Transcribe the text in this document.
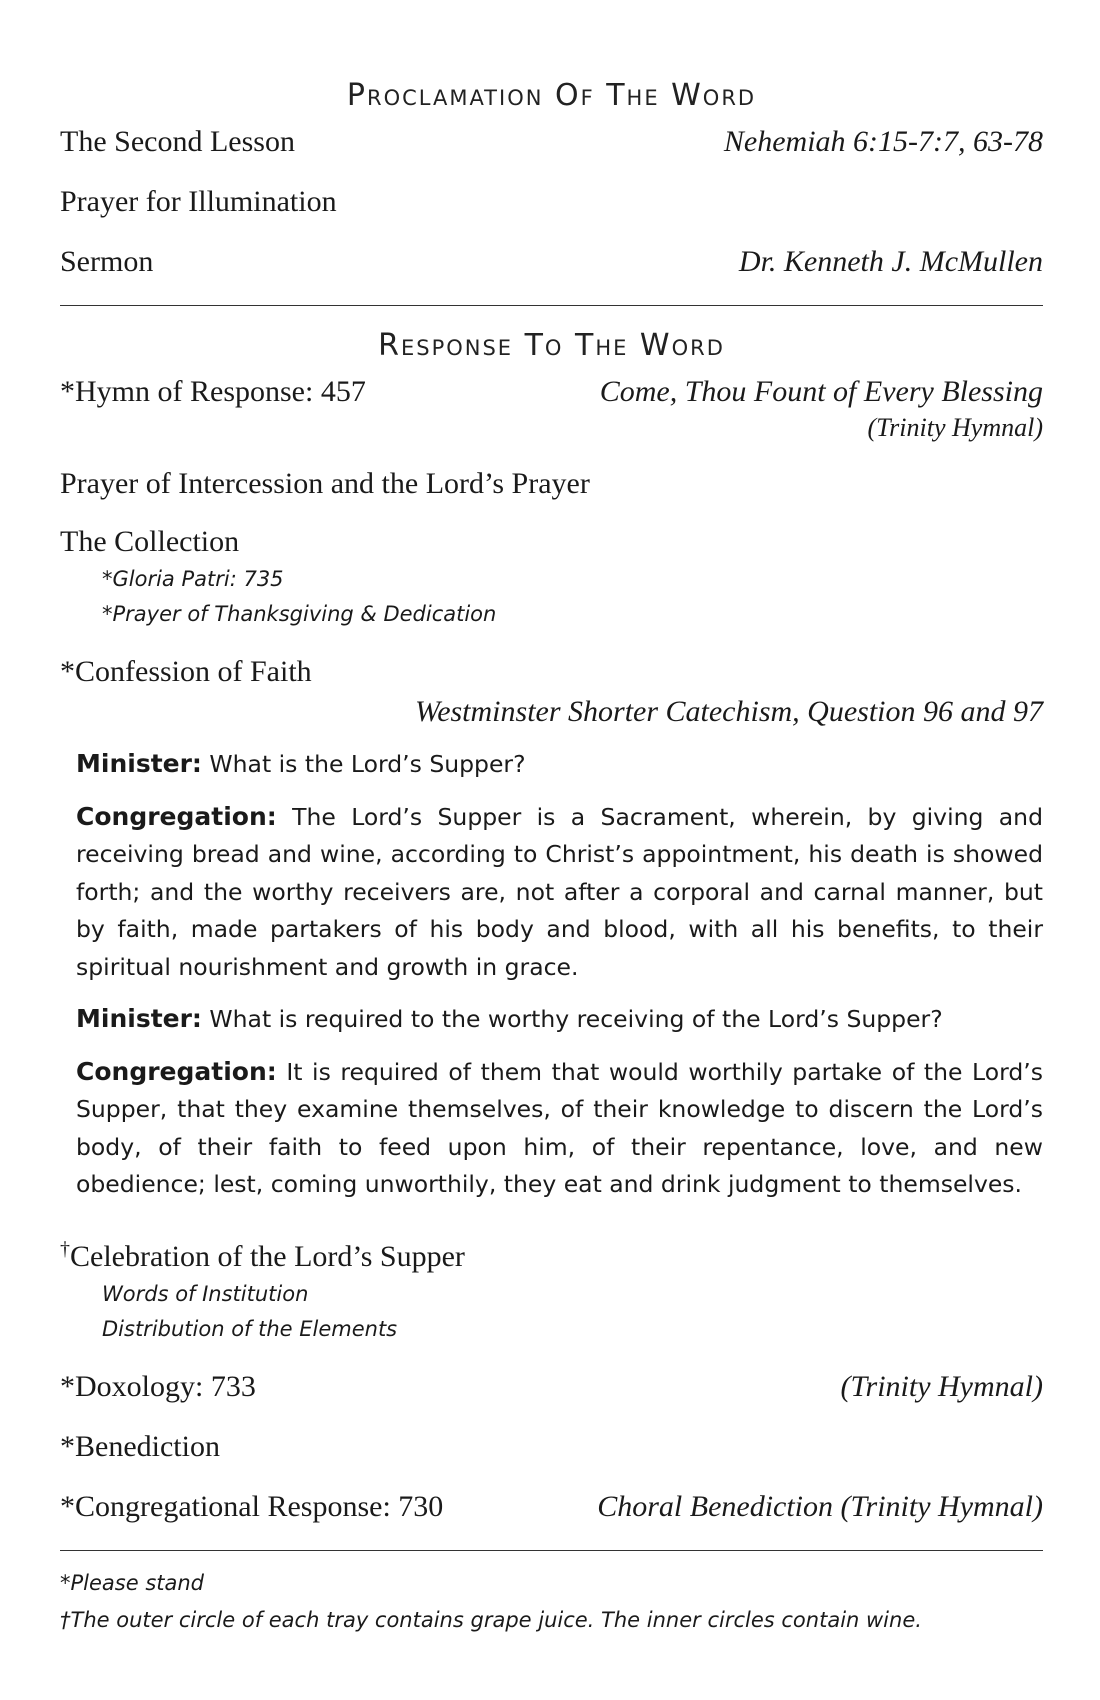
Proclamation Of The Word
The Second Lesson	Nehemiah 6:15-7:7, 63-78
Prayer for Illumination
Sermon	Dr. Kenneth J. McMullen
Response To The Word
*Hymn of Response: 457	Come, Thou Fount of Every Blessing
(Trinity Hymnal)
Prayer of Intercession and the Lord’s Prayer
The Collection
*Gloria Patri: 735
*Prayer of Thanksgiving & Dedication
*Confession of Faith
Westminster Shorter Catechism, Question 96 and 97
Minister: What is the Lord’s Supper?
Congregation: The Lord’s Supper is a Sacrament, wherein, by giving and receiving bread and wine, according to Christ’s appointment, his death is showed forth; and the worthy receivers are, not after a corporal and carnal manner, but by faith, made partakers of his body and blood, with all his benefits, to their spiritual nourishment and growth in grace.
Minister: What is required to the worthy receiving of the Lord’s Supper?
Congregation: It is required of them that would worthily partake of the Lord’s Supper, that they examine themselves, of their knowledge to discern the Lord’s body, of their faith to feed upon him, of their repentance, love, and new obedience; lest, coming unworthily, they eat and drink judgment to themselves.
†Celebration of the Lord’s Supper
Words of Institution
Distribution of the Elements
*Doxology: 733	(Trinity Hymnal)
*Benediction
*Congregational Response: 730	Choral Benediction (Trinity Hymnal)
*Please stand
†The outer circle of each tray contains grape juice. The inner circles contain wine.
